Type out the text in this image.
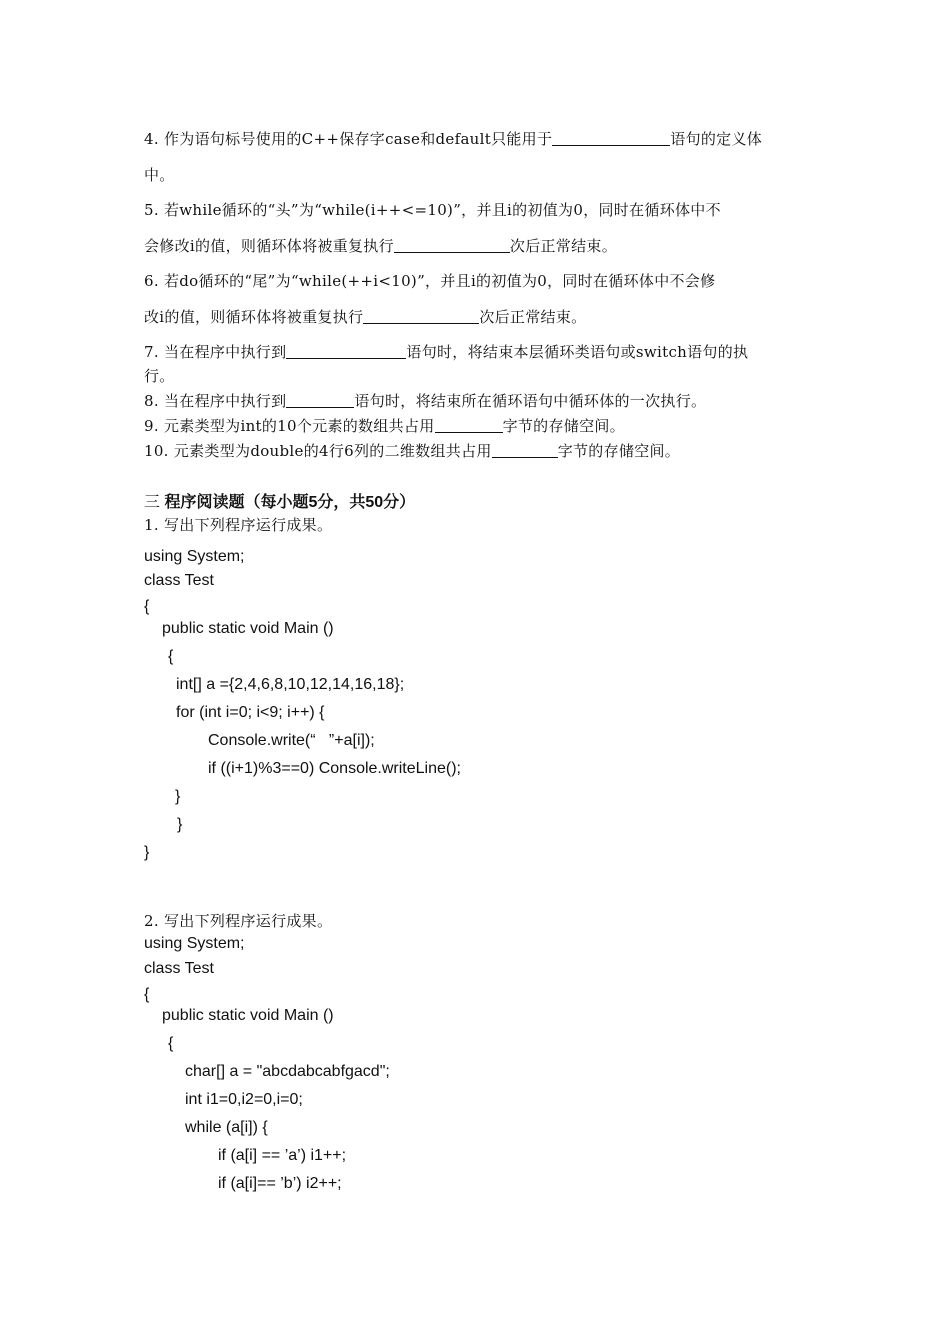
4. 作为语句标号使用的C++保存字case和default只能用于	语句的定义体
中。
5. 若while循环的“头”为“while(i++<=10)”，并且i的初值为0，同时在循环体中不
会修改i的值，则循环体将被重复执行	次后正常结束。
6. 若do循环的“尾”为“while(++i<10)”，并且i的初值为0，同时在循环体中不会修
改i的值，则循环体将被重复执行	次后正常结束。
7. 当在程序中执行到	语句时，将结束本层循环类语句或switch语句的执
行。
8. 当在程序中执行到	语句时，将结束所在循环语句中循环体的一次执行。
9. 元素类型为int的10个元素的数组共占用	字节的存储空间。
10. 元素类型为double的4行6列的二维数组共占用	字节的存储空间。
三 程序阅读题（每小题5分，共50分）
1. 写出下列程序运行成果。
using System;
class Test
{
public static void Main ()
{
int[] a ={2,4,6,8,10,12,14,16,18};
for (int i=0; i<9; i++) {
Console.write(“   ”+a[i]);
if ((i+1)%3==0) Console.writeLine();
}
}
}
2. 写出下列程序运行成果。
using System;
class Test
{
public static void Main ()
{
char[] a = "abcdabcabfgacd";
int i1=0,i2=0,i=0;
while (a[i]) {
if (a[i] == ’a’) i1++;
if (a[i]== ’b’) i2++;
